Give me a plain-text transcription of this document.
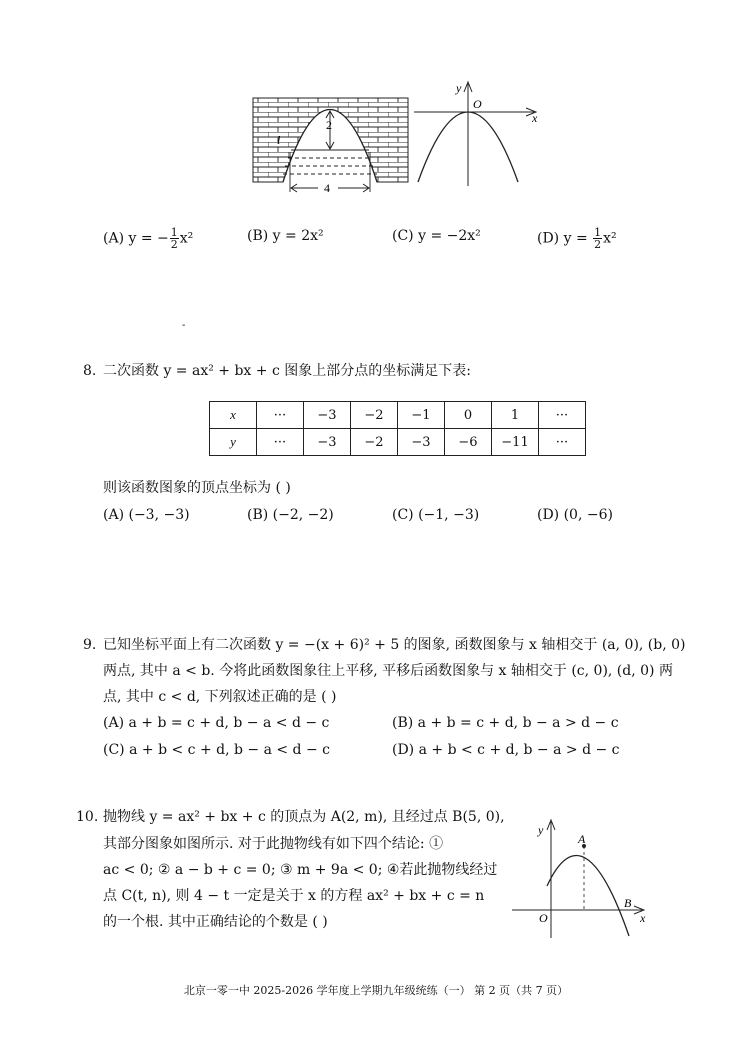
2
l
4
y
O
x
(A) y = − $\frac{1}{2} x^2$	(B) y = 2x²	(C) y = −2x²	(D) $y = \frac{1}{2} x^2$
-
8. 二次函数 y = ax² + bx + c 图象上部分点的坐标满足下表:
x	···	−3	−2	−1	0	1	···
y	···	−3	−2	−3	−6	−11	···
则该函数图象的顶点坐标为 ( )
(A) (−3, −3)	(B) (−2, −2)	(C) (−1, −3)	(D) (0, −6)
9. 已知坐标平面上有二次函数 y = −(x + 6)² + 5 的图象, 函数图象与 x 轴相交于 (a, 0), (b, 0)
两点, 其中 a < b. 今将此函数图象往上平移, 平移后函数图象与 x 轴相交于 (c, 0), (d, 0) 两
点, 其中 c < d, 下列叙述正确的是 ( )
(A) a + b = c + d, b − a < d − c	(B) a + b = c + d, b − a > d − c
(C) a + b < c + d, b − a < d − c	(D) a + b < c + d, b − a > d − c
10. 抛物线 y = ax² + bx + c 的顶点为 A(2, m), 且经过点 B(5, 0),
其部分图象如图所示. 对于此抛物线有如下四个结论: ①
ac < 0; ② a − b + c = 0; ③ m + 9a < 0; ④若此抛物线经过
点 C(t, n), 则 4 − t 一定是关于 x 的方程 ax² + bx + c = n
的一个根. 其中正确结论的个数是 ( )
y
A
O
B
x
北京一零一中 2025-2026 学年度上学期九年级统练（一） 第 2 页（共 7 页）
